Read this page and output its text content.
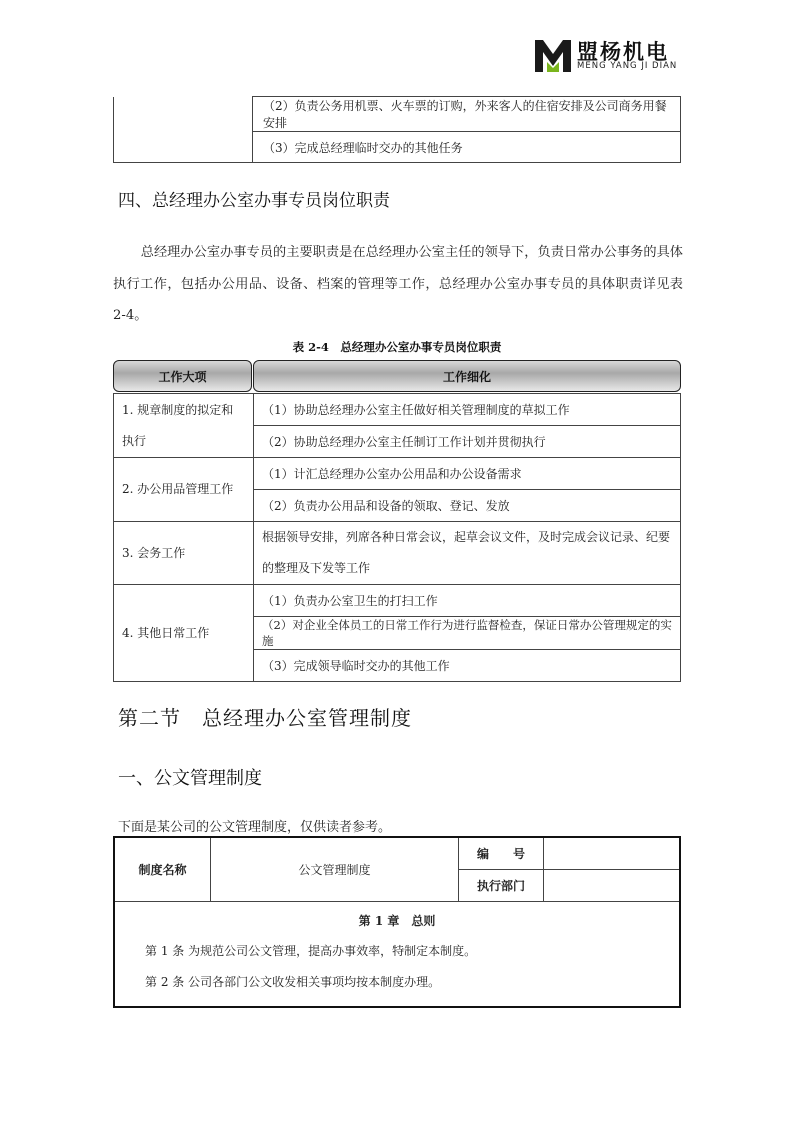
盟杨机电
MENG YANG JI DIAN
	（2）负责公务用机票、火车票的订购，外来客人的住宿安排及公司商务用餐安排
（3）完成总经理临时交办的其他任务
四、总经理办公室办事专员岗位职责
总经理办公室办事专员的主要职责是在总经理办公室主任的领导下，负责日常办公事务的具体执行工作，包括办公用品、设备、档案的管理等工作，总经理办公室办事专员的具体职责详见表 2-4。
表 2-4　总经理办公室办事专员岗位职责
工作大项	工作细化
1. 规章制度的拟定和执行	（1）协助总经理办公室主任做好相关管理制度的草拟工作
	（2）协助总经理办公室主任制订工作计划并贯彻执行
2. 办公用品管理工作	（1）计汇总经理办公室办公用品和办公设备需求
	（2）负责办公用品和设备的领取、登记、发放
3. 会务工作	根据领导安排，列席各种日常会议，起草会议文件，及时完成会议记录、纪要的整理及下发等工作
4. 其他日常工作	（1）负责办公室卫生的打扫工作
	（2）对企业全体员工的日常工作行为进行监督检查，保证日常办公管理规定的实施
	（3）完成领导临时交办的其他工作
第二节　总经理办公室管理制度
一、公文管理制度
下面是某公司的公文管理制度，仅供读者参考。
制度名称	公文管理制度	编　　号	
		执行部门	

第 1 章　总则
第 1 条 为规范公司公文管理，提高办事效率，特制定本制度。
第 2 条 公司各部门公文收发相关事项均按本制度办理。			
